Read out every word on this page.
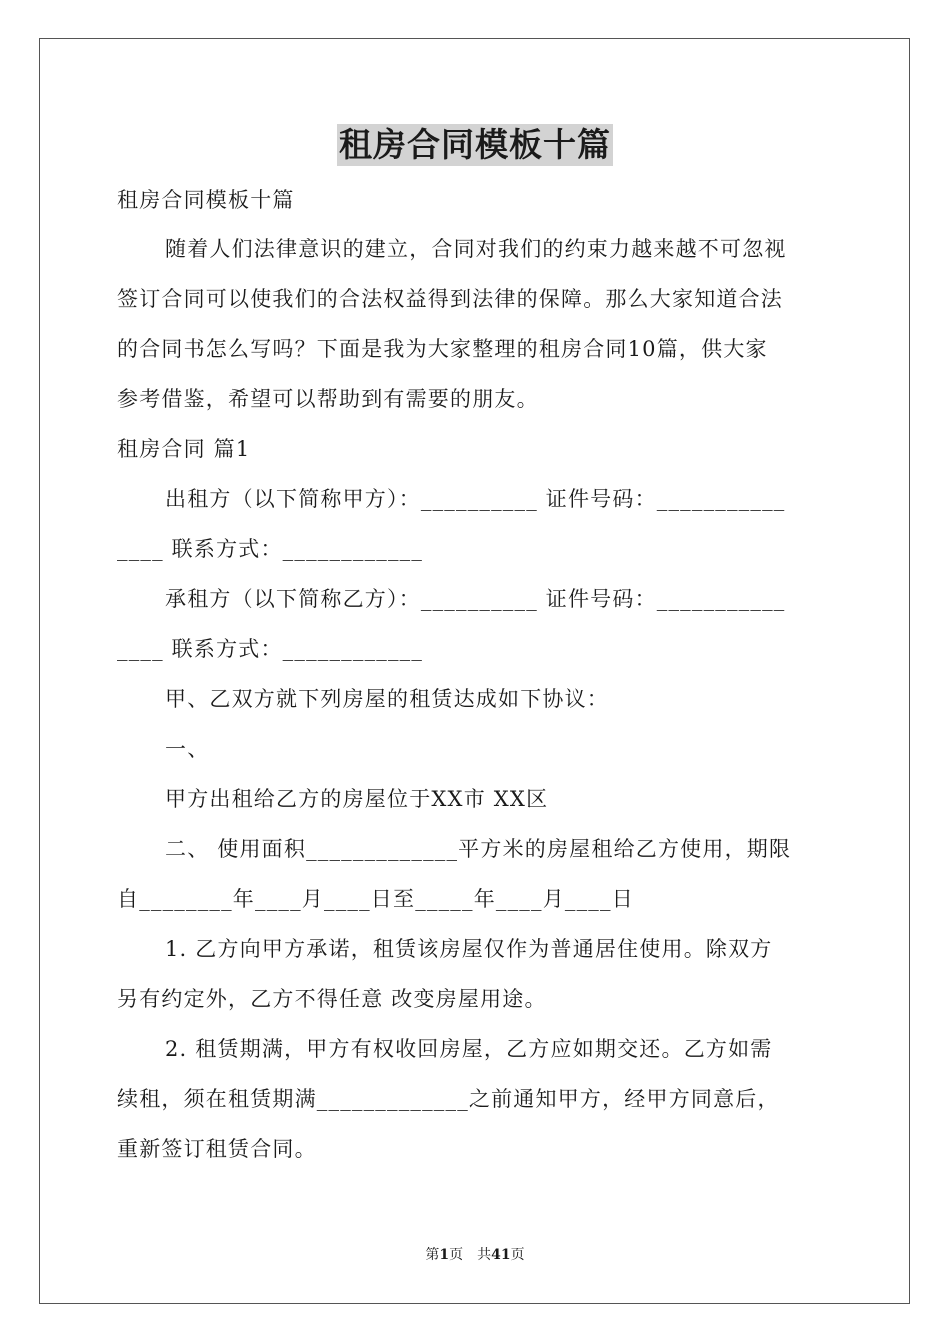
租房合同模板十篇
租房合同模板十篇
随着人们法律意识的建立，合同对我们的约束力越来越不可忽视
签订合同可以使我们的合法权益得到法律的保障。那么大家知道合法
的合同书怎么写吗？下面是我为大家整理的租房合同10篇，供大家
参考借鉴，希望可以帮助到有需要的朋友。
租房合同 篇1
出租方（以下简称甲方）：__________ 证件号码：___________
____ 联系方式：____________
承租方（以下简称乙方）：__________ 证件号码：___________
____ 联系方式：____________
甲、乙双方就下列房屋的租赁达成如下协议：
一、
甲方出租给乙方的房屋位于XX市 XX区
二、 使用面积_____________平方米的房屋租给乙方使用，期限
自________年____月____日至_____年____月____日
1. 乙方向甲方承诺，租赁该房屋仅作为普通居住使用。除双方
另有约定外，乙方不得任意 改变房屋用途。
2. 租赁期满，甲方有权收回房屋，乙方应如期交还。乙方如需
续租，须在租赁期满_____________之前通知甲方，经甲方同意后，
重新签订租赁合同。
第1页　共41页
